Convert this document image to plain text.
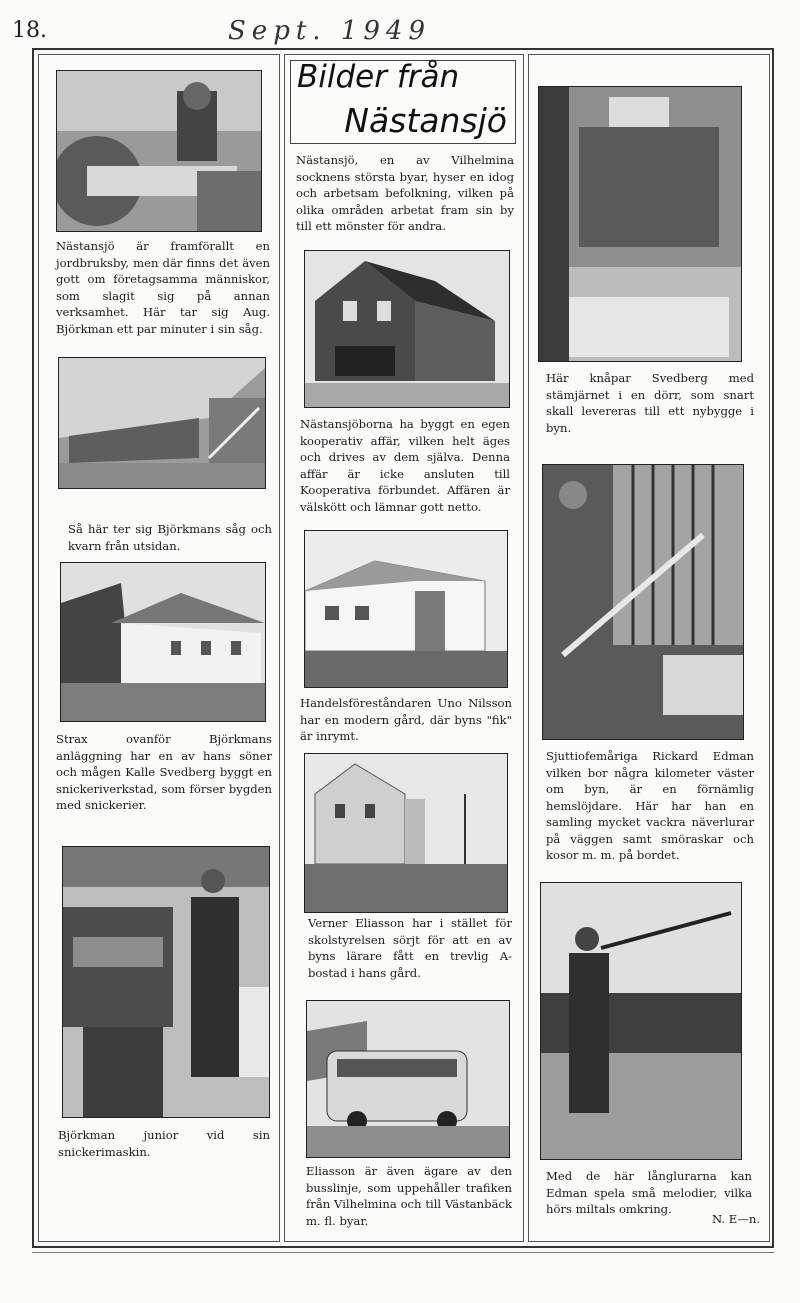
18.	Sept. 1949
Nästansjö är framförallt en jordbruksby, men där finns det även gott om företagsamma människor, som slagit sig på annan verksamhet. Här tar sig Aug. Björkman ett par minuter i sin såg.
Så här ter sig Björkmans såg och kvarn från utsidan.
Strax ovanför Björkmans anläggning har en av hans söner och mågen Kalle Svedberg byggt en snickeriverkstad, som förser bygden med snickerier.
Björkman junior vid sin snickerimaskin.
Bilder från
Nästansjö
Nästansjö, en av Vilhelmina socknens största byar, hyser en idog och arbetsam befolkning, vilken på olika områden arbetat fram sin by till ett mönster för andra.
Nästansjöborna ha byggt en egen kooperativ affär, vilken helt äges och drives av dem själva. Denna affär är icke ansluten till Kooperativa förbundet. Affären är välskött och lämnar gott netto.
Handelsföreståndaren Uno Nilsson har en modern gård, där byns "fik" är inrymt.
Verner Eliasson har i stället för skolstyrelsen sörjt för att en av byns lärare fått en trevlig A-bostad i hans gård.
Eliasson är även ägare av den busslinje, som uppehåller trafiken från Vilhelmina och till Västanbäck m. fl. byar.
Här knåpar Svedberg med stämjärnet i en dörr, som snart skall levereras till ett nybygge i byn.
Sjuttiofemåriga Rickard Edman vilken bor några kilometer väster om byn, är en förnämlig hemslöjdare. Här har han en samling mycket vackra näverlurar på väggen samt smöraskar och kosor m. m. på bordet.
Med de här långlurarna kan Edman spela små melodier, vilka hörs miltals omkring.
N. E—n.
